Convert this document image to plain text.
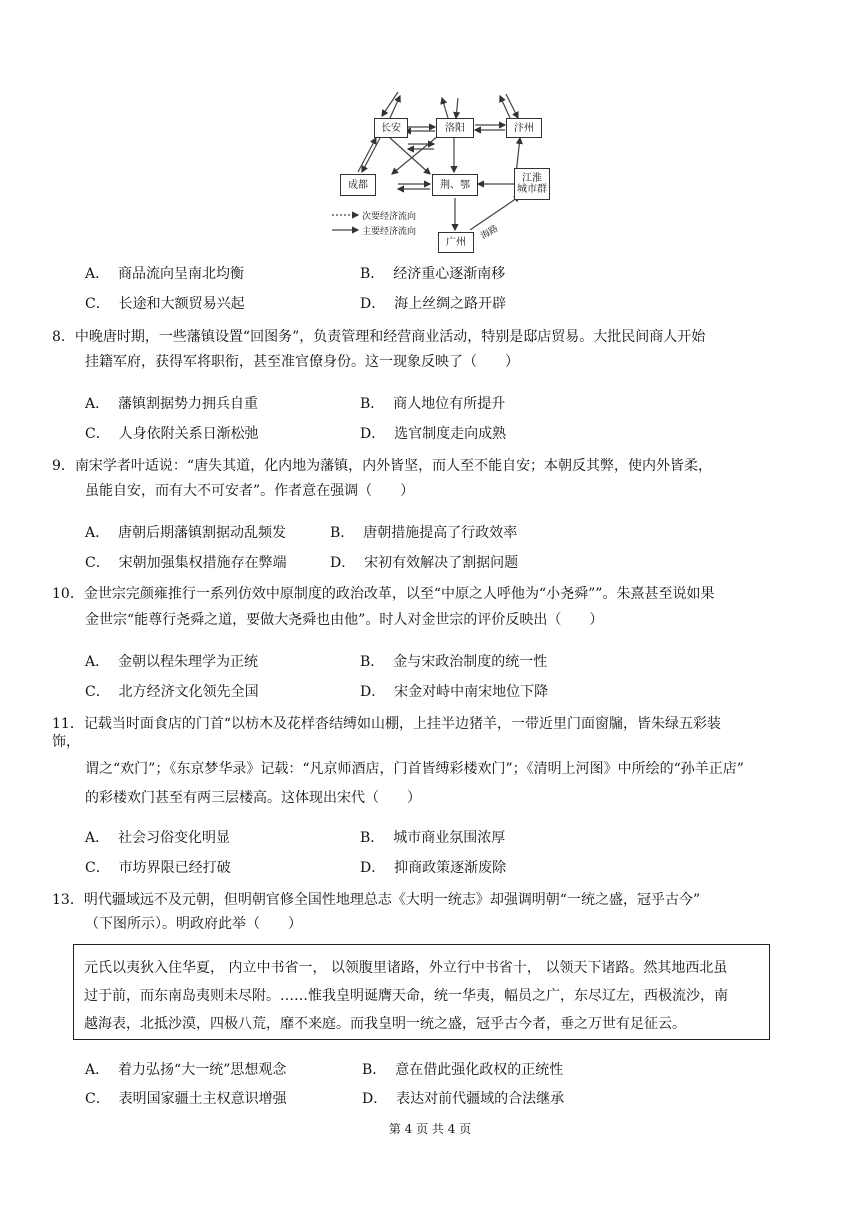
长安	洛阳	汴州
成都	荆、鄂
江淮
城市群
广州
海路
次要经济流向
主要经济流向
A． 商品流向呈南北均衡	B． 经济重心逐渐南移
C． 长途和大额贸易兴起	D． 海上丝绸之路开辟
8．中晚唐时期，一些藩镇设置“回图务”，负责管理和经营商业活动，特别是邸店贸易。大批民间商人开始
挂籍军府，获得军将职衔，甚至准官僚身份。这一现象反映了（　　）
A． 藩镇割据势力拥兵自重	B． 商人地位有所提升
C． 人身依附关系日渐松弛	D． 选官制度走向成熟
9．南宋学者叶适说：“唐失其道，化内地为藩镇，内外皆坚，而人至不能自安；本朝反其弊，使内外皆柔，
虽能自安，而有大不可安者”。作者意在强调（　　）
A． 唐朝后期藩镇割据动乱频发	B． 唐朝措施提高了行政效率
C． 宋朝加强集权措施存在弊端	D． 宋初有效解决了割据问题
10．金世宗完颜雍推行一系列仿效中原制度的政治改革，以至“中原之人呼他为“小尧舜””。朱熹甚至说如果
金世宗“能尊行尧舜之道，要做大尧舜也由他”。时人对金世宗的评价反映出（　　）
A． 金朝以程朱理学为正统	B． 金与宋政治制度的统一性
C． 北方经济文化领先全国	D． 宋金对峙中南宋地位下降
11．记载当时面食店的门首“以枋木及花样沓结缚如山棚，上挂半边猪羊，一带近里门面窗牖，皆朱绿五彩装
饰，
谓之“欢门”；《东京梦华录》记载：“凡京师酒店，门首皆缚彩楼欢门”；《清明上河图》中所绘的“孙羊正店”
的彩楼欢门甚至有两三层楼高。这体现出宋代（　　）
A． 社会习俗变化明显	B． 城市商业氛围浓厚
C． 市坊界限已经打破	D． 抑商政策逐渐废除
13．明代疆域远不及元朝，但明朝官修全国性地理总志《大明一统志》却强调明朝“一统之盛，冠乎古今”
（下图所示）。明政府此举（　　）
元氏以夷狄入住华夏， 内立中书省一， 以领腹里诸路，外立行中书省十， 以领天下诸路。然其地西北虽
过于前，而东南岛夷则未尽附。……惟我皇明诞膺天命，统一华夷，幅员之广，东尽辽左，西极流沙，南
越海表，北抵沙漠，四极八荒，靡不来庭。而我皇明一统之盛，冠乎古今者，垂之万世有足征云。
A． 着力弘扬“大一统”思想观念	B． 意在借此强化政权的正统性
C． 表明国家疆土主权意识增强	D． 表达对前代疆域的合法继承
第 4 页 共 4 页
